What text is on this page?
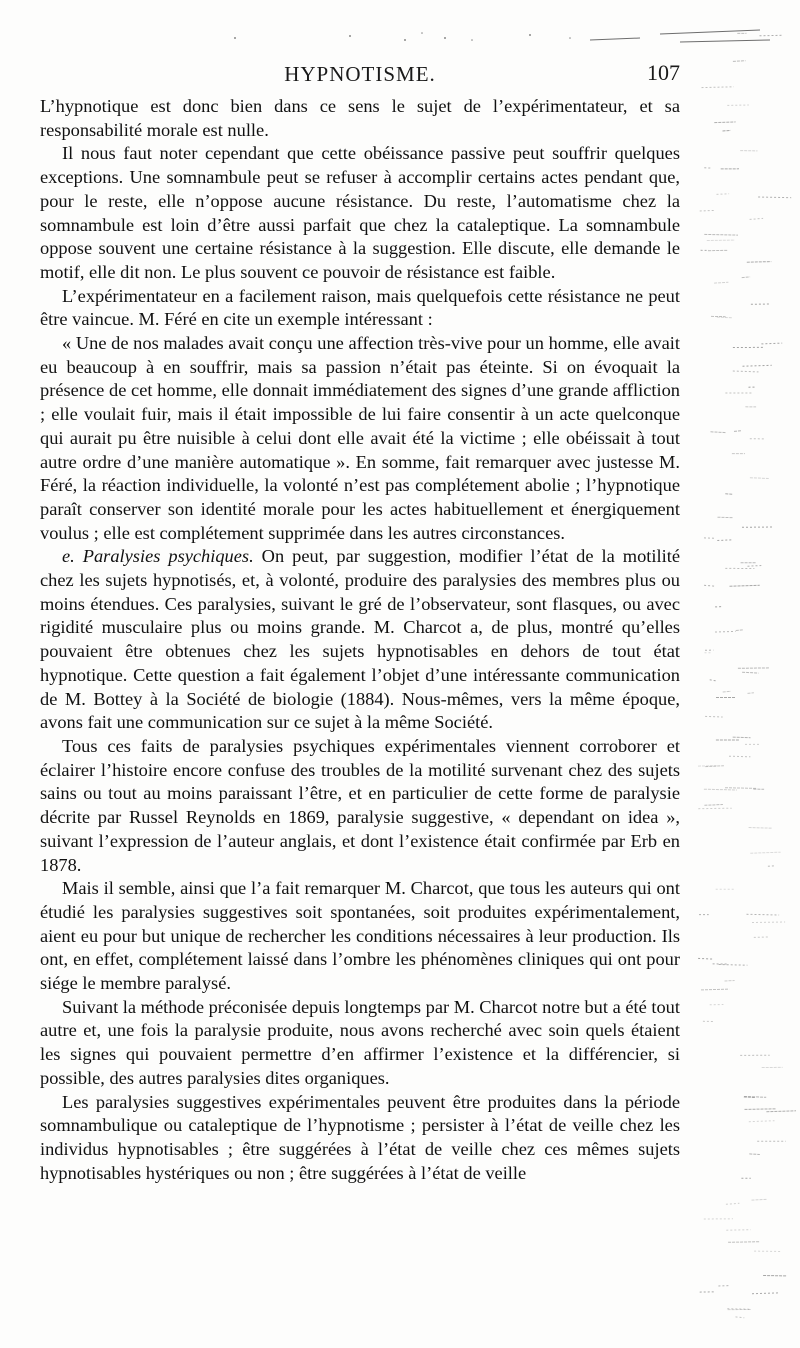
HYPNOTISME.	107

L’hypnotique est donc bien dans ce sens le sujet de l’expérimentateur, et sa responsabilité morale est nulle.

Il nous faut noter cependant que cette obéissance passive peut souffrir quelques exceptions. Une somnambule peut se refuser à accomplir certains actes pendant que, pour le reste, elle n’oppose aucune résistance. Du reste, l’automatisme chez la somnambule est loin d’être aussi parfait que chez la cataleptique. La somnambule oppose souvent une certaine résistance à la suggestion. Elle discute, elle demande le motif, elle dit non. Le plus souvent ce pouvoir de résistance est faible.

L’expérimentateur en a facilement raison, mais quelquefois cette résistance ne peut être vaincue. M. Féré en cite un exemple intéressant :

« Une de nos malades avait conçu une affection très-vive pour un homme, elle avait eu beaucoup à en souffrir, mais sa passion n’était pas éteinte. Si on évoquait la présence de cet homme, elle donnait immédiatement des signes d’une grande affliction ; elle voulait fuir, mais il était impossible de lui faire consentir à un acte quelconque qui aurait pu être nuisible à celui dont elle avait été la victime ; elle obéissait à tout autre ordre d’une manière automatique ». En somme, fait remarquer avec justesse M. Féré, la réaction individuelle, la volonté n’est pas complétement abolie ; l’hypnotique paraît conserver son identité morale pour les actes habituellement et énergiquement voulus ; elle est complétement supprimée dans les autres circonstances.

e. Paralysies psychiques. On peut, par suggestion, modifier l’état de la motilité chez les sujets hypnotisés, et, à volonté, produire des paralysies des membres plus ou moins étendues. Ces paralysies, suivant le gré de l’observateur, sont flasques, ou avec rigidité musculaire plus ou moins grande. M. Charcot a, de plus, montré qu’elles pouvaient être obtenues chez les sujets hypnotisables en dehors de tout état hypnotique. Cette question a fait également l’objet d’une intéressante communication de M. Bottey à la Société de biologie (1884). Nous-mêmes, vers la même époque, avons fait une communication sur ce sujet à la même Société.

Tous ces faits de paralysies psychiques expérimentales viennent corroborer et éclairer l’histoire encore confuse des troubles de la motilité survenant chez des sujets sains ou tout au moins paraissant l’être, et en particulier de cette forme de paralysie décrite par Russel Reynolds en 1869, paralysie suggestive, « dependant on idea », suivant l’expression de l’auteur anglais, et dont l’existence était confirmée par Erb en 1878.

Mais il semble, ainsi que l’a fait remarquer M. Charcot, que tous les auteurs qui ont étudié les paralysies suggestives soit spontanées, soit produites expérimentalement, aient eu pour but unique de rechercher les conditions nécessaires à leur production. Ils ont, en effet, complétement laissé dans l’ombre les phénomènes cliniques qui ont pour siége le membre paralysé.

Suivant la méthode préconisée depuis longtemps par M. Charcot notre but a été tout autre et, une fois la paralysie produite, nous avons recherché avec soin quels étaient les signes qui pouvaient permettre d’en affirmer l’existence et la différencier, si possible, des autres paralysies dites organiques.

Les paralysies suggestives expérimentales peuvent être produites dans la période somnambulique ou cataleptique de l’hypnotisme ; persister à l’état de veille chez les individus hypnotisables ; être suggérées à l’état de veille chez ces mêmes sujets hypnotisables hystériques ou non ; être suggérées à l’état de veille
